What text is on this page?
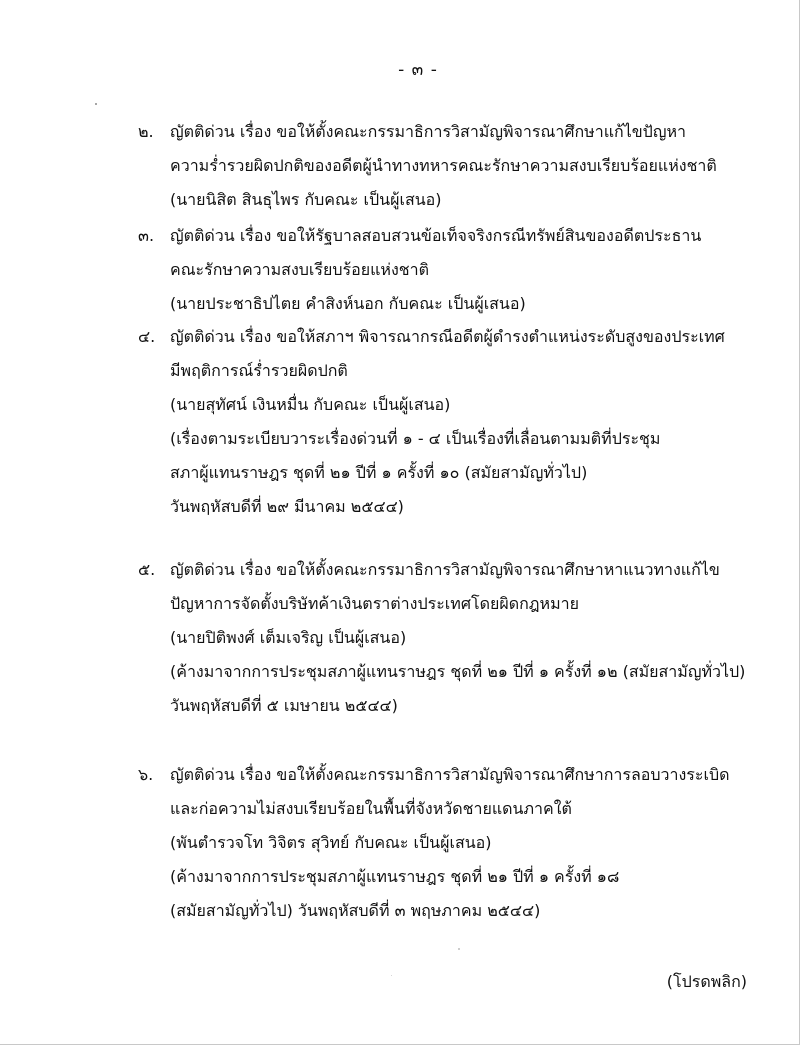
- ๓ -
๒.	ญัตติด่วน เรื่อง ขอให้ตั้งคณะกรรมาธิการวิสามัญพิจารณาศึกษาแก้ไขปัญหา
ความร่ำรวยผิดปกติของอดีตผู้นำทางทหารคณะรักษาความสงบเรียบร้อยแห่งชาติ
(นายนิสิต สินธุไพร กับคณะ เป็นผู้เสนอ)
๓. ญัตติด่วน เรื่อง ขอให้รัฐบาลสอบสวนข้อเท็จจริงกรณีทรัพย์สินของอดีตประธาน
คณะรักษาความสงบเรียบร้อยแห่งชาติ
(นายประชาธิปไตย คำสิงห์นอก กับคณะ เป็นผู้เสนอ)
๔. ญัตติด่วน เรื่อง ขอให้สภาฯ พิจารณากรณีอดีตผู้ดำรงตำแหน่งระดับสูงของประเทศ
มีพฤติการณ์ร่ำรวยผิดปกติ
(นายสุทัศน์ เงินหมื่น กับคณะ เป็นผู้เสนอ)
(เรื่องตามระเบียบวาระเรื่องด่วนที่ ๑ - ๔ เป็นเรื่องที่เลื่อนตามมติที่ประชุม
สภาผู้แทนราษฎร ชุดที่ ๒๑ ปีที่ ๑ ครั้งที่ ๑๐ (สมัยสามัญทั่วไป)
วันพฤหัสบดีที่ ๒๙ มีนาคม ๒๕๔๔)
๕. ญัตติด่วน เรื่อง ขอให้ตั้งคณะกรรมาธิการวิสามัญพิจารณาศึกษาหาแนวทางแก้ไข
ปัญหาการจัดตั้งบริษัทค้าเงินตราต่างประเทศโดยผิดกฎหมาย
(นายปิติพงศ์ เต็มเจริญ เป็นผู้เสนอ)
(ค้างมาจากการประชุมสภาผู้แทนราษฎร ชุดที่ ๒๑ ปีที่ ๑ ครั้งที่ ๑๒ (สมัยสามัญทั่วไป)
วันพฤหัสบดีที่ ๕ เมษายน ๒๕๔๔)
๖.	ญัตติด่วน เรื่อง ขอให้ตั้งคณะกรรมาธิการวิสามัญพิจารณาศึกษาการลอบวางระเบิด
และก่อความไม่สงบเรียบร้อยในพื้นที่จังหวัดชายแดนภาคใต้
(พันตำรวจโท วิจิตร สุวิทย์ กับคณะ เป็นผู้เสนอ)
(ค้างมาจากการประชุมสภาผู้แทนราษฎร ชุดที่ ๒๑ ปีที่ ๑ ครั้งที่ ๑๘
(สมัยสามัญทั่วไป) วันพฤหัสบดีที่ ๓ พฤษภาคม ๒๕๔๔)
(โปรดพลิก)
